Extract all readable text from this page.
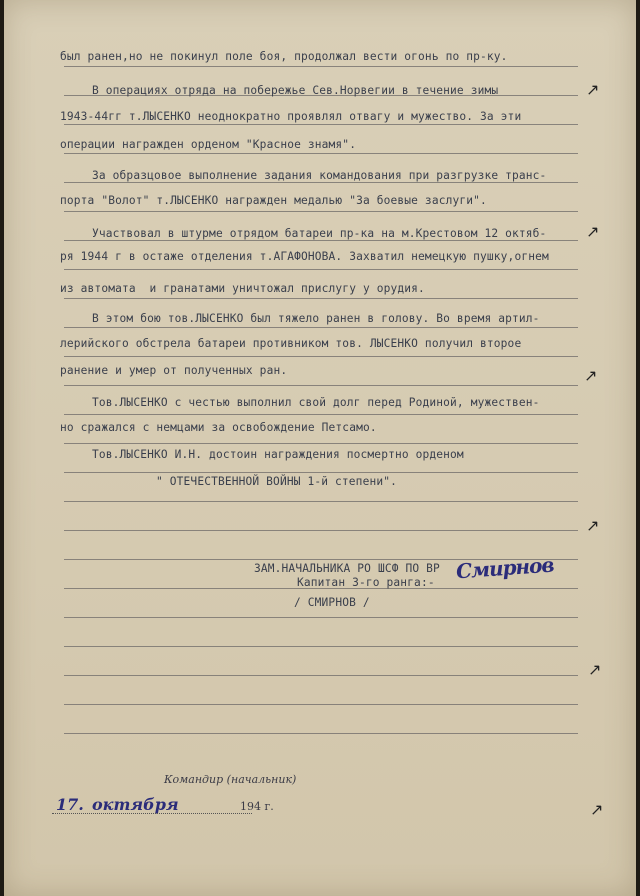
был ранен,но не покинул поле боя, продолжал вести огонь по пр-ку.
В операциях отряда на побережье Сев.Норвегии в течение зимы
1943-44гг т.ЛЫСЕНКО неоднократно проявлял отвагу и мужество. За эти
операции награжден орденом "Красное знамя".
За образцовое выполнение задания командования при разгрузке транс-
порта "Волот" т.ЛЫСЕНКО награжден медалью "За боевые заслуги".
Участвовал в штурме отрядом батареи пр-ка на м.Крестовом 12 октяб-
ря 1944 г в остаже отделения т.АГАФОНОВА. Захватил немецкую пушку,огнем
из автомата  и гранатами уничтожал прислугу у орудия.
В этом бою тов.ЛЫСЕНКО был тяжело ранен в голову. Во время артил-
лерийского обстрела батареи противником тов. ЛЫСЕНКО получил второе
ранение и умер от полученных ран.
Тов.ЛЫСЕНКО с честью выполнил свой долг перед Родиной, мужествен-
но сражался с немцами за освобождение Петсамо.
Тов.ЛЫСЕНКО И.Н. достоин награждения посмертно орденом
" ОТЕЧЕСТВЕННОЙ ВОЙНЫ 1-й степени".
ЗАМ.НАЧАЛЬНИКА РО ШСФ ПО ВР
Капитан 3-го ранга:-
/ СМИРНОВ /
Смирнов
Командир (начальник)
17. октября	194 г.
↗
↗
↗
↗
↗
↗
